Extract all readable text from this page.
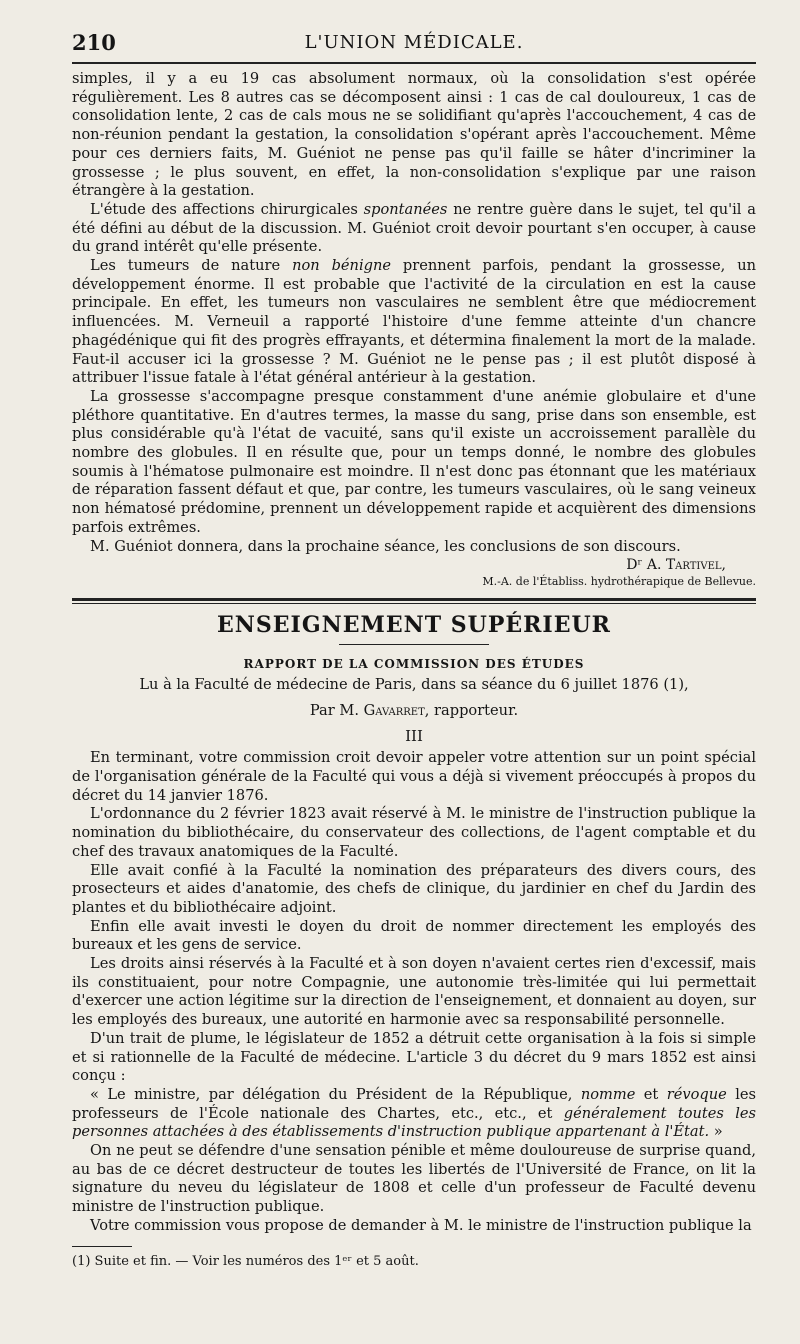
210	L'UNION MÉDICALE.

simples, il y a eu 19 cas absolument normaux, où la consolidation s'est opérée régulièrement. Les 8 autres cas se décomposent ainsi : 1 cas de cal douloureux, 1 cas de consolidation lente, 2 cas de cals mous ne se solidifiant qu'après l'accouchement, 4 cas de non-réunion pendant la gestation, la consolidation s'opérant après l'accouchement. Même pour ces derniers faits, M. Guéniot ne pense pas qu'il faille se hâter d'incriminer la grossesse ; le plus souvent, en effet, la non-consolidation s'explique par une raison étrangère à la gestation.

L'étude des affections chirurgicales spontanées ne rentre guère dans le sujet, tel qu'il a été défini au début de la discussion. M. Guéniot croit devoir pourtant s'en occuper, à cause du grand intérêt qu'elle présente.

Les tumeurs de nature non bénigne prennent parfois, pendant la grossesse, un développement énorme. Il est probable que l'activité de la circulation en est la cause principale. En effet, les tumeurs non vasculaires ne semblent être que médiocrement influencées. M. Verneuil a rapporté l'histoire d'une femme atteinte d'un chancre phagédénique qui fit des progrès effrayants, et détermina finalement la mort de la malade. Faut-il accuser ici la grossesse ? M. Guéniot ne le pense pas ; il est plutôt disposé à attribuer l'issue fatale à l'état général antérieur à la gestation.

La grossesse s'accompagne presque constamment d'une anémie globulaire et d'une pléthore quantitative. En d'autres termes, la masse du sang, prise dans son ensemble, est plus considérable qu'à l'état de vacuité, sans qu'il existe un accroissement parallèle du nombre des globules. Il en résulte que, pour un temps donné, le nombre des globules soumis à l'hématose pulmonaire est moindre. Il n'est donc pas étonnant que les matériaux de réparation fassent défaut et que, par contre, les tumeurs vasculaires, où le sang veineux non hématosé prédomine, prennent un développement rapide et acquièrent des dimensions parfois extrêmes.

M. Guéniot donnera, dans la prochaine séance, les conclusions de son discours.

Dʳ A. Tartivel,
M.-A. de l'Établiss. hydrothérapique de Bellevue.
ENSEIGNEMENT SUPÉRIEUR
RAPPORT DE LA COMMISSION DES ÉTUDES
Lu à la Faculté de médecine de Paris, dans sa séance du 6 juillet 1876 (1),
Par M. Gavarret, rapporteur.
III

En terminant, votre commission croit devoir appeler votre attention sur un point spécial de l'organisation générale de la Faculté qui vous a déjà si vivement préoccupés à propos du décret du 14 janvier 1876.

L'ordonnance du 2 février 1823 avait réservé à M. le ministre de l'instruction publique la nomination du bibliothécaire, du conservateur des collections, de l'agent comptable et du chef des travaux anatomiques de la Faculté.

Elle avait confié à la Faculté la nomination des préparateurs des divers cours, des prosecteurs et aides d'anatomie, des chefs de clinique, du jardinier en chef du Jardin des plantes et du bibliothécaire adjoint.

Enfin elle avait investi le doyen du droit de nommer directement les employés des bureaux et les gens de service.

Les droits ainsi réservés à la Faculté et à son doyen n'avaient certes rien d'excessif, mais ils constituaient, pour notre Compagnie, une autonomie très-limitée qui lui permettait d'exercer une action légitime sur la direction de l'enseignement, et donnaient au doyen, sur les employés des bureaux, une autorité en harmonie avec sa responsabilité personnelle.

D'un trait de plume, le législateur de 1852 a détruit cette organisation à la fois si simple et si rationnelle de la Faculté de médecine. L'article 3 du décret du 9 mars 1852 est ainsi conçu :

« Le ministre, par délégation du Président de la République, nomme et révoque les professeurs de l'École nationale des Chartes, etc., etc., et généralement toutes les personnes attachées à des établissements d'instruction publique appartenant à l'État. »

On ne peut se défendre d'une sensation pénible et même douloureuse de surprise quand, au bas de ce décret destructeur de toutes les libertés de l'Université de France, on lit la signature du neveu du législateur de 1808 et celle d'un professeur de Faculté devenu ministre de l'instruction publique.

Votre commission vous propose de demander à M. le ministre de l'instruction publique la

(1) Suite et fin. — Voir les numéros des 1ᵉʳ et 5 août.
